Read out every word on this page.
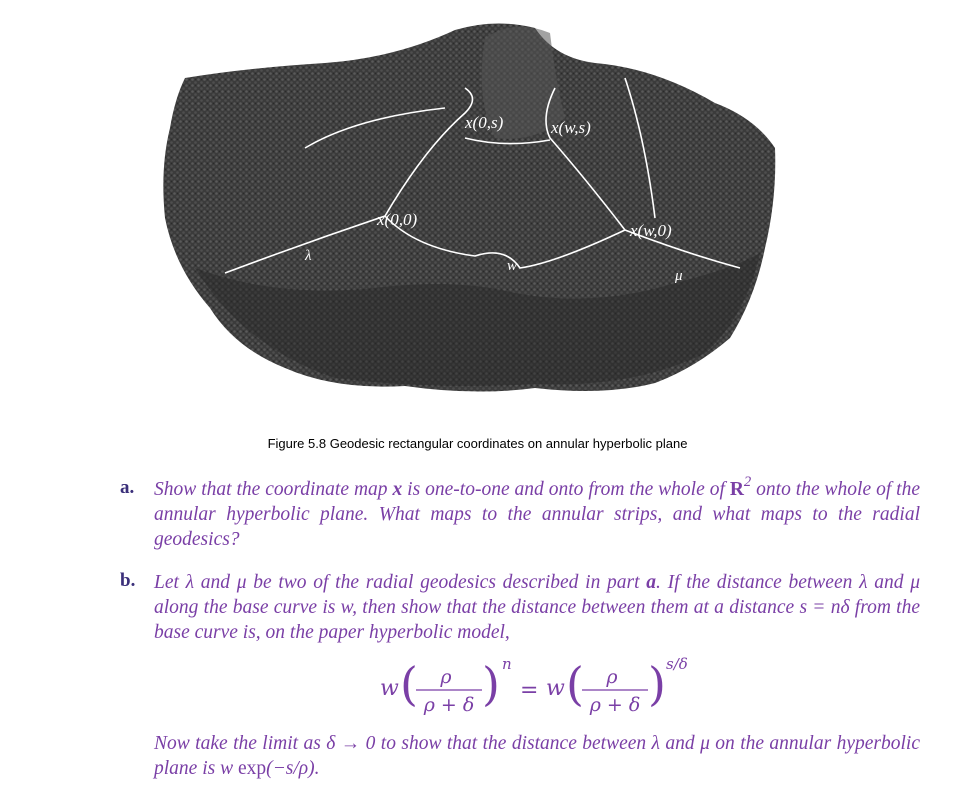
x(0,s)	x(w,s)
x(0,0)
x(w,0)
λ
w
μ
Figure 5.8 Geodesic rectangular coordinates on annular hyperbolic plane
a. Show that the coordinate map x is one-to-one and onto from the whole of $R^2$ onto the whole of the annular hyperbolic plane. What maps to the annular strips, and what maps to the radial geodesics?
b. Let λ and μ be two of the radial geodesics described in part a. If the distance between λ and μ along the base curve is w, then show that the distance between them at a distance s = nδ from the base curve is, on the paper hyperbolic model,
w ( ρ
ρ + δ ) n
= w ( ρ
ρ + δ ) s/δ
Now take the limit as δ → 0 to show that the distance between λ and μ on the annular hyperbolic plane is w exp(−s/ρ).
